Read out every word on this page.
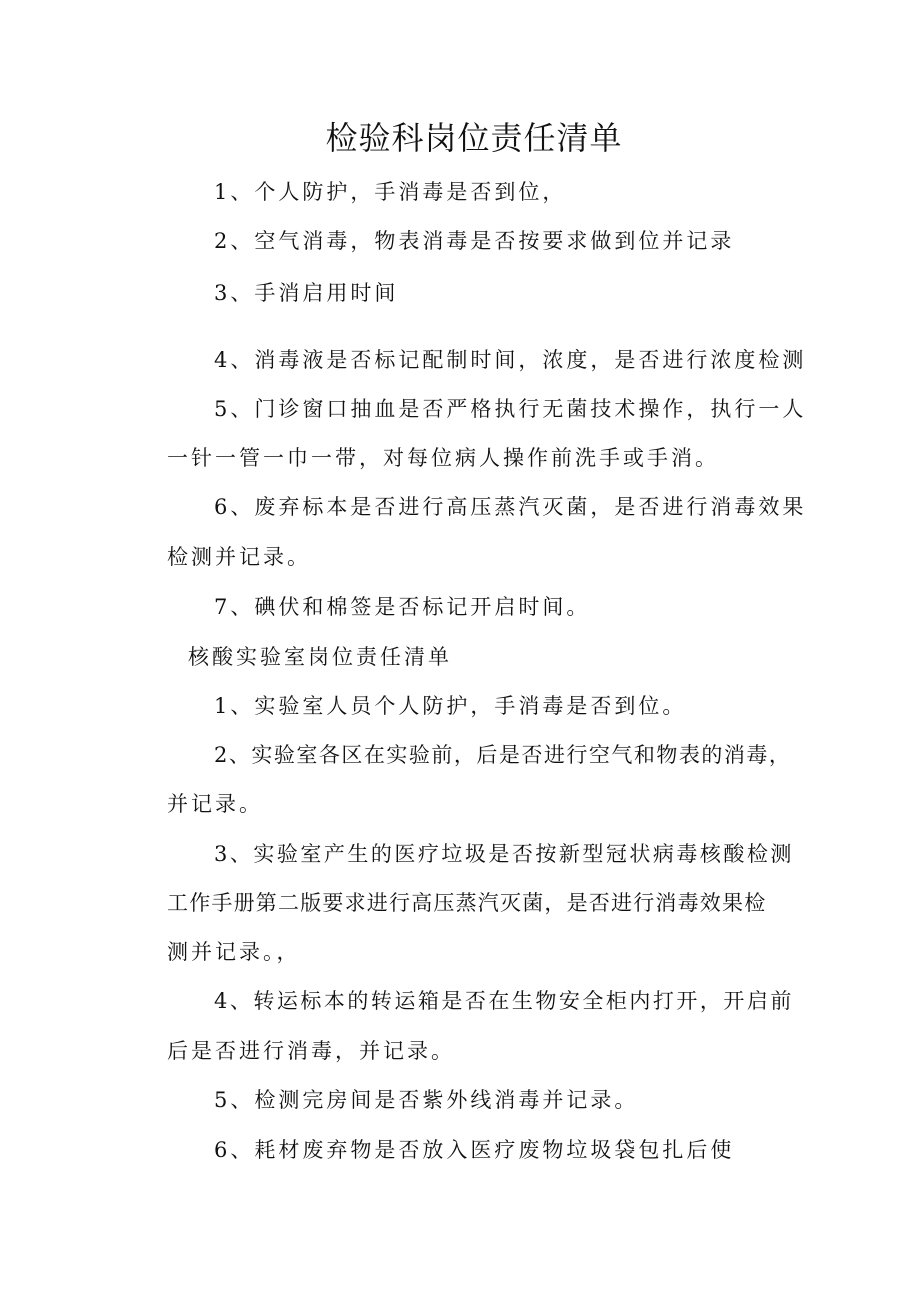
检验科岗位责任清单

1、个人防护，手消毒是否到位，

2、空气消毒，物表消毒是否按要求做到位并记录

3、手消启用时间

4、消毒液是否标记配制时间，浓度，是否进行浓度检测

5、门诊窗口抽血是否严格执行无菌技术操作，执行一人

一针一管一巾一带，对每位病人操作前洗手或手消。

6、废弃标本是否进行高压蒸汽灭菌，是否进行消毒效果

检测并记录。

7、碘伏和棉签是否标记开启时间。

核酸实验室岗位责任清单

1、实验室人员个人防护，手消毒是否到位。

2、实验室各区在实验前，后是否进行空气和物表的消毒，

并记录。

3、实验室产生的医疗垃圾是否按新型冠状病毒核酸检测

工作手册第二版要求进行高压蒸汽灭菌，是否进行消毒效果检

测并记录。，

4、转运标本的转运箱是否在生物安全柜内打开，开启前

后是否进行消毒，并记录。

5、检测完房间是否紫外线消毒并记录。

6、耗材废弃物是否放入医疗废物垃圾袋包扎后使
